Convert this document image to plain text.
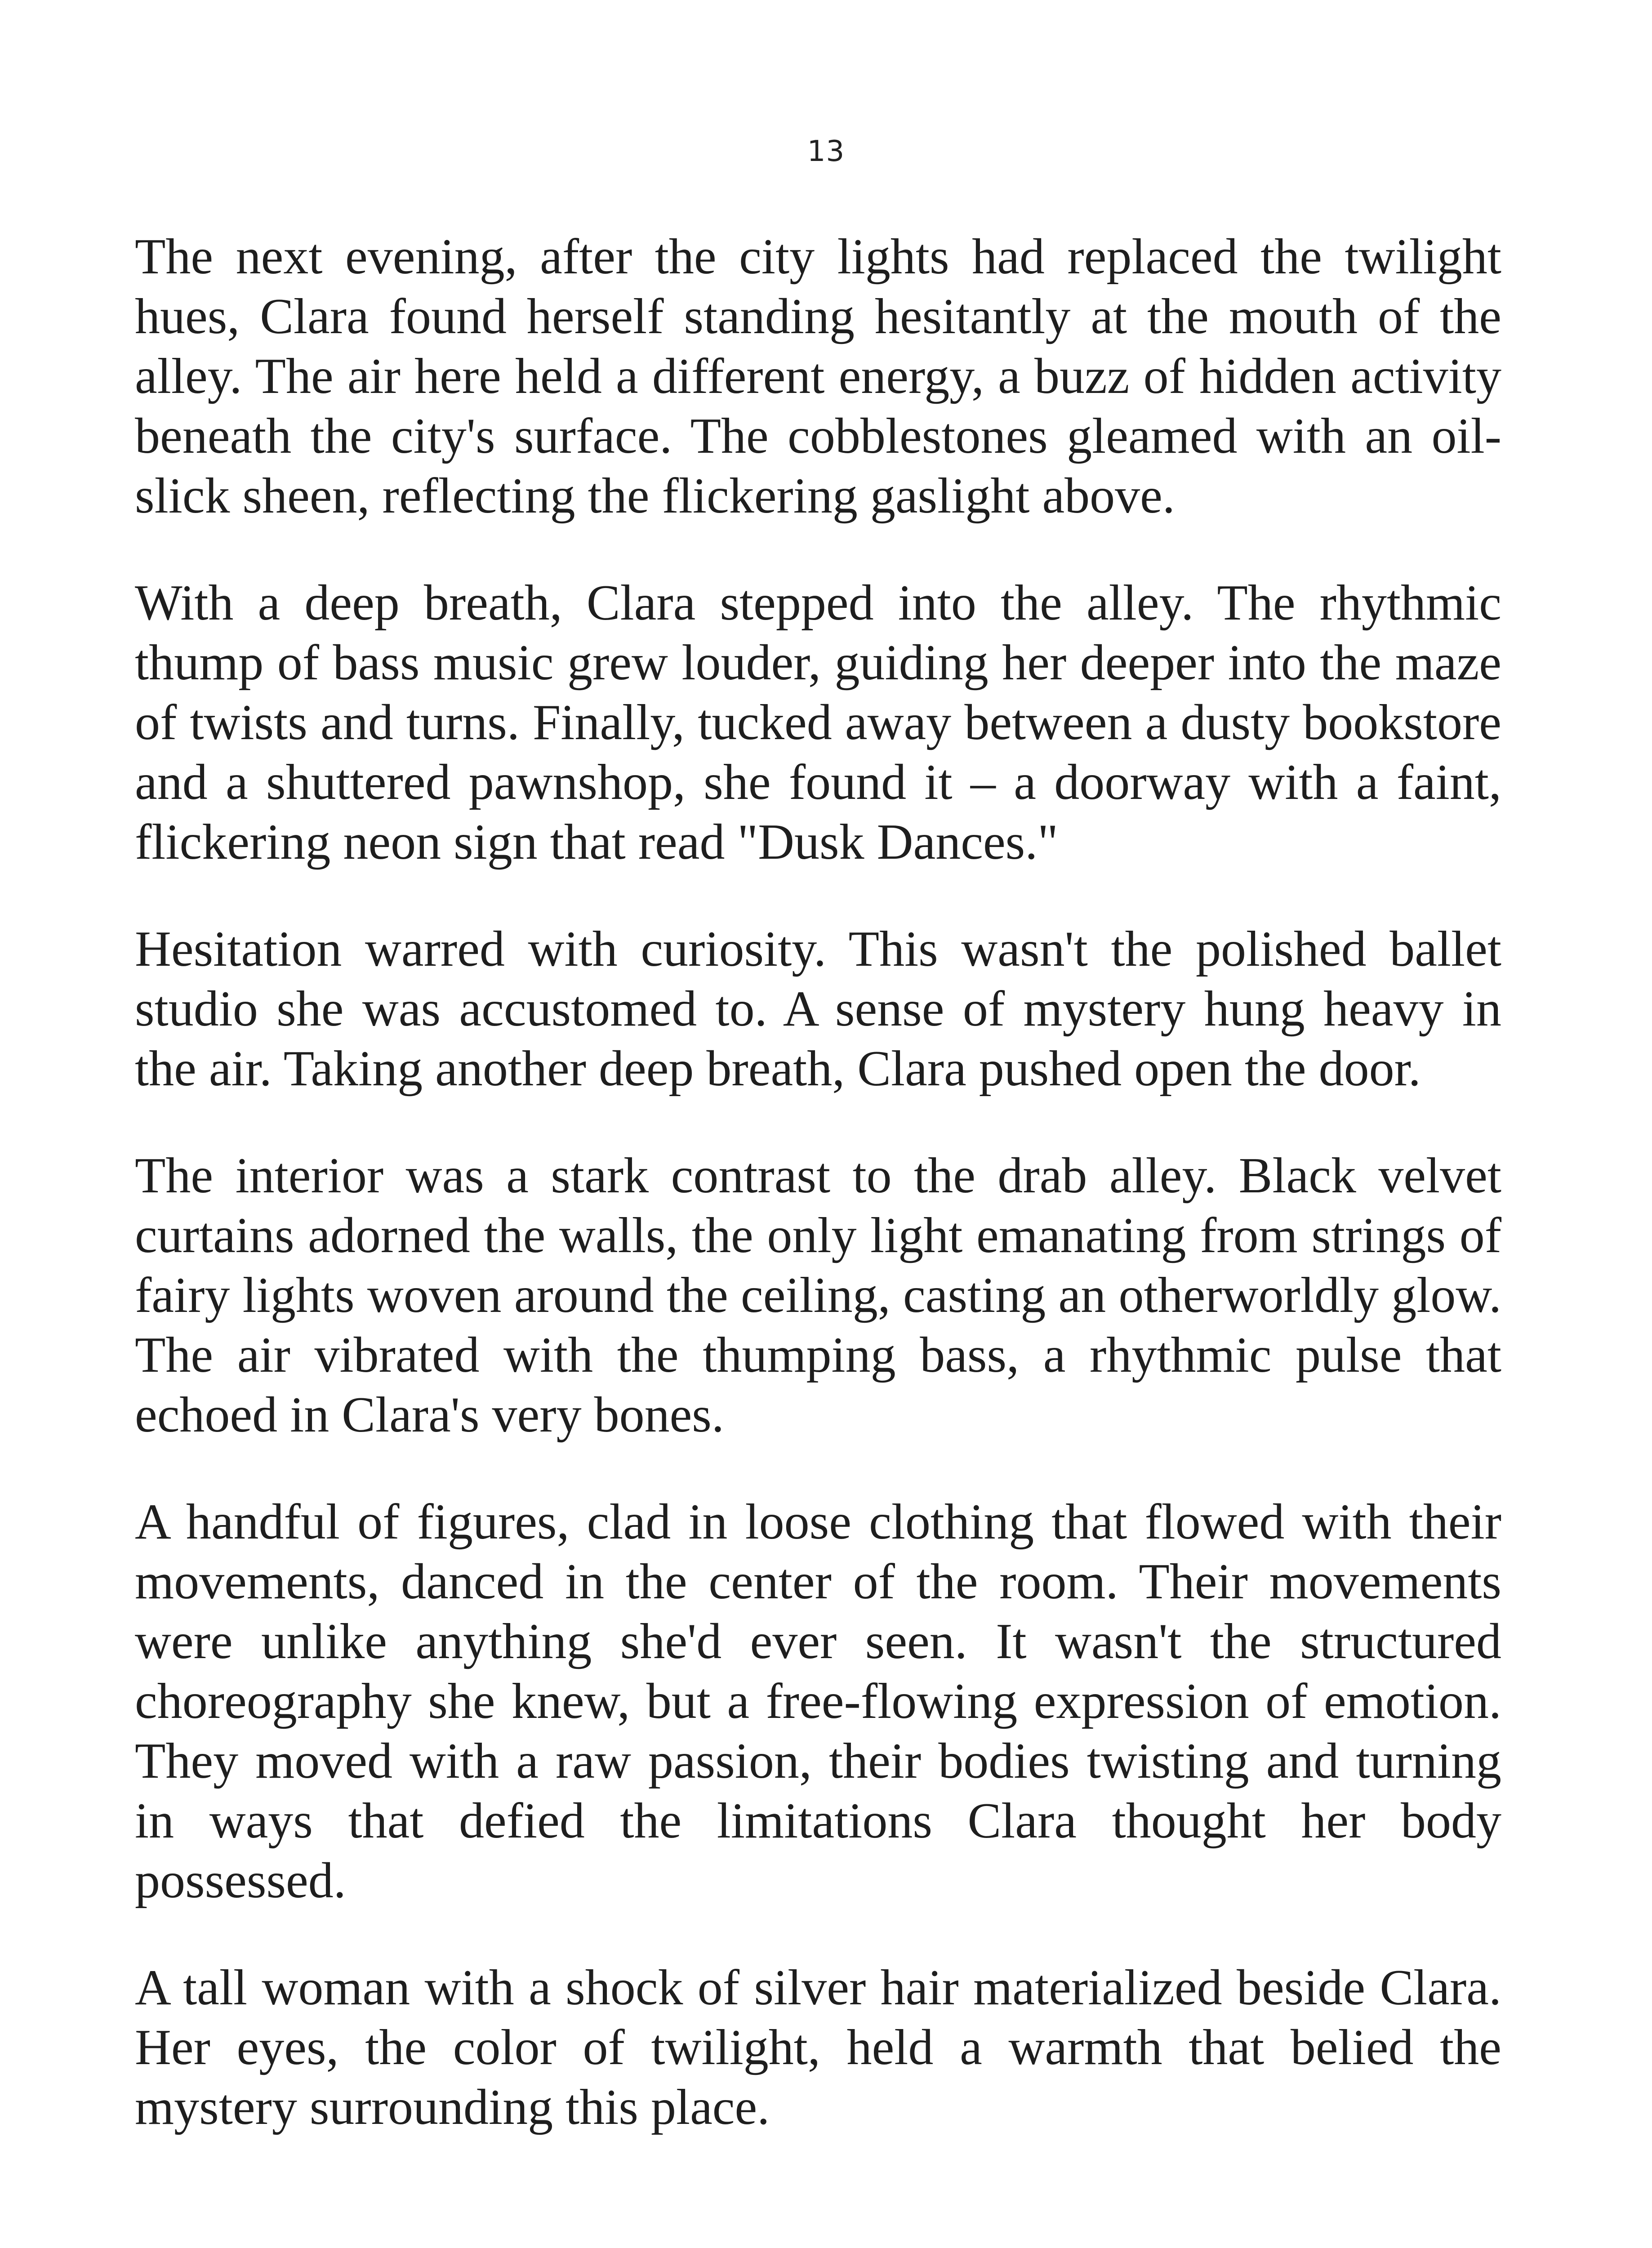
13

The next evening, after the city lights had replaced the twilight hues, Clara found herself standing hesitantly at the mouth of the alley. The air here held a different energy, a buzz of hidden activity beneath the city's surface. The cobblestones gleamed with an oil-slick sheen, reflecting the flickering gaslight above.

With a deep breath, Clara stepped into the alley. The rhythmic thump of bass music grew louder, guiding her deeper into the maze of twists and turns. Finally, tucked away between a dusty bookstore and a shuttered pawnshop, she found it – a doorway with a faint, flickering neon sign that read "Dusk Dances."

Hesitation warred with curiosity. This wasn't the polished ballet studio she was accustomed to. A sense of mystery hung heavy in the air. Taking another deep breath, Clara pushed open the door.

The interior was a stark contrast to the drab alley. Black velvet curtains adorned the walls, the only light emanating from strings of fairy lights woven around the ceiling, casting an otherworldly glow. The air vibrated with the thumping bass, a rhythmic pulse that echoed in Clara's very bones.

A handful of figures, clad in loose clothing that flowed with their movements, danced in the center of the room. Their movements were unlike anything she'd ever seen. It wasn't the structured choreography she knew, but a free-flowing expression of emotion. They moved with a raw passion, their bodies twisting and turning in ways that defied the limitations Clara thought her body possessed.

A tall woman with a shock of silver hair materialized beside Clara. Her eyes, the color of twilight, held a warmth that belied the mystery surrounding this place.
